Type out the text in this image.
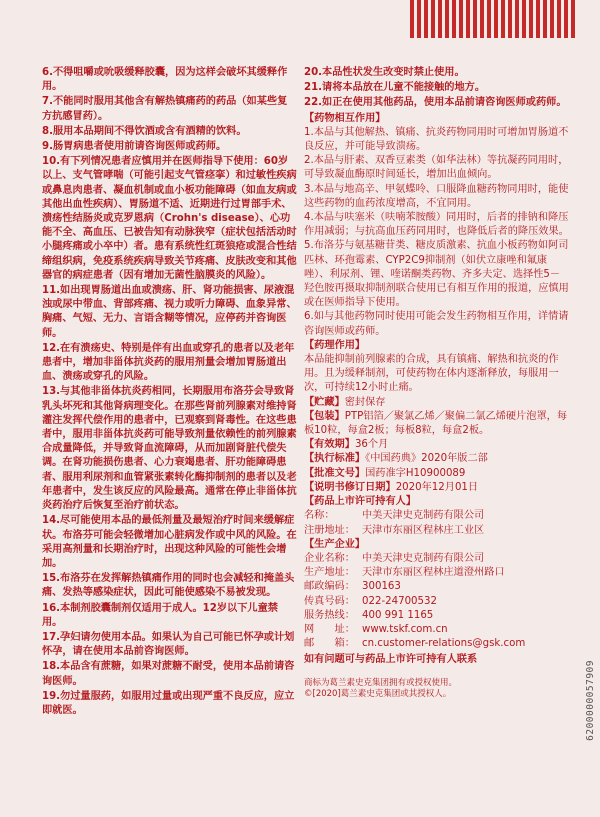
6.不得咀嚼或吮吸缓释胶囊，因为这样会破坏其缓释作用。

7.不能同时服用其他含有解热镇痛药的药品（如某些复方抗感冒药）。

8.服用本品期间不得饮酒或含有酒精的饮料。

9.肠胃病患者使用前请咨询医师或药师。

10.有下列情况患者应慎用并在医师指导下使用：60岁以上、支气管哮喘（可能引起支气管痉挛）和过敏性疾病或鼻息肉患者、凝血机制或血小板功能障碍（如血友病或其他出血性疾病）、胃肠道不适、近期进行过胃部手术、溃疡性结肠炎或克罗恩病（Crohn's disease）、心功能不全、高血压、已被告知有动脉狭窄（症状包括活动时小腿疼痛或小卒中）者。患有系统性红斑狼疮或混合性结缔组织病，免疫系统疾病导致关节疼痛、皮肤改变和其他器官的病症患者（因有增加无菌性脑膜炎的风险）。

11.如出现胃肠道出血或溃疡、肝、肾功能损害、尿液混浊或尿中带血、背部疼痛、视力或听力障碍、血象异常、胸痛、气短、无力、言语含糊等情况，应停药并咨询医师。

12.在有溃疡史、特别是伴有出血或穿孔的患者以及老年患者中，增加非甾体抗炎药的服用剂量会增加胃肠道出血、溃疡或穿孔的风险。

13.与其他非甾体抗炎药相同，长期服用布洛芬会导致肾乳头坏死和其他肾病理变化。在那些肾前列腺素对维持肾灌注发挥代偿作用的患者中，已观察到肾毒性。在这些患者中，服用非甾体抗炎药可能导致剂量依赖性的前列腺素合成量降低，并导致肾血流障碍，从而加剧肾脏代偿失调。在肾功能损伤患者、心力衰竭患者、肝功能障碍患者、服用利尿剂和血管紧张素转化酶抑制剂的患者以及老年患者中，发生该反应的风险最高。通常在停止非甾体抗炎药治疗后恢复至治疗前状态。

14.尽可能使用本品的最低剂量及最短治疗时间来缓解症状。布洛芬可能会轻微增加心脏病发作或中风的风险。在采用高剂量和长期治疗时，出现这种风险的可能性会增加。

15.布洛芬在发挥解热镇痛作用的同时也会减轻和掩盖头痛、发热等感染症状，因此可能使感染不易被发现。

16.本制剂胶囊制剂仅适用于成人。12岁以下儿童禁用。

17.孕妇请勿使用本品。如果认为自己可能已怀孕或计划怀孕，请在使用本品前咨询医师。

18.本品含有蔗糖，如果对蔗糖不耐受，使用本品前请咨询医师。

19.勿过量服药，如服用过量或出现严重不良反应，应立即就医。

20.本品性状发生改变时禁止使用。

21.请将本品放在儿童不能接触的地方。

22.如正在使用其他药品，使用本品前请咨询医师或药师。

【药物相互作用】

1.本品与其他解热、镇痛、抗炎药物同用时可增加胃肠道不良反应，并可能导致溃疡。

2.本品与肝素、双香豆素类（如华法林）等抗凝药同用时，可导致凝血酶原时间延长，增加出血倾向。

3.本品与地高辛、甲氨蝶呤、口服降血糖药物同用时，能使这些药物的血药浓度增高，不宜同用。

4.本品与呋塞米（呋喃苯胺酸）同用时，后者的排钠和降压作用减弱；与抗高血压药同用时，也降低后者的降压效果。

5.布洛芬与氨基糖苷类、糖皮质激素、抗血小板药物如阿司匹林、环孢霉素、CYP2C9抑制剂（如伏立康唑和氟康唑）、利尿剂、锂、喹诺酮类药物、齐多夫定、选择性5－羟色胺再摄取抑制剂联合使用已有相互作用的报道，应慎用或在医师指导下使用。

6.如与其他药物同时使用可能会发生药物相互作用，详情请咨询医师或药师。

【药理作用】

本品能抑制前列腺素的合成，具有镇痛、解热和抗炎的作用。且为缓释制剂，可使药物在体内逐渐释放，每服用一次，可持续12小时止痛。

【贮藏】密封保存

【包装】PTP铝箔／聚氯乙烯／聚偏二氯乙烯硬片泡罩，每板10粒，每盒2板；每板8粒，每盒2板。

【有效期】36个月

【执行标准】《中国药典》2020年版二部

【批准文号】国药准字H10900089

【说明书修订日期】2020年12月01日

【药品上市许可持有人】

名称：	中美天津史克制药有限公司

注册地址： 天津市东丽区程林庄工业区

【生产企业】

企业名称： 中美天津史克制药有限公司

生产地址： 天津市东丽区程林庄道澄州路口

邮政编码： 300163

传真号码： 022-24700532

服务热线： 400 991 1165

网　　址： www.tskf.com.cn

邮　　箱： cn.customer-relations@gsk.com

如有问题可与药品上市许可持有人联系

商标为葛兰素史克集团拥有或授权使用。

©[2020]葛兰素史克集团或其授权人。	6200000057909
